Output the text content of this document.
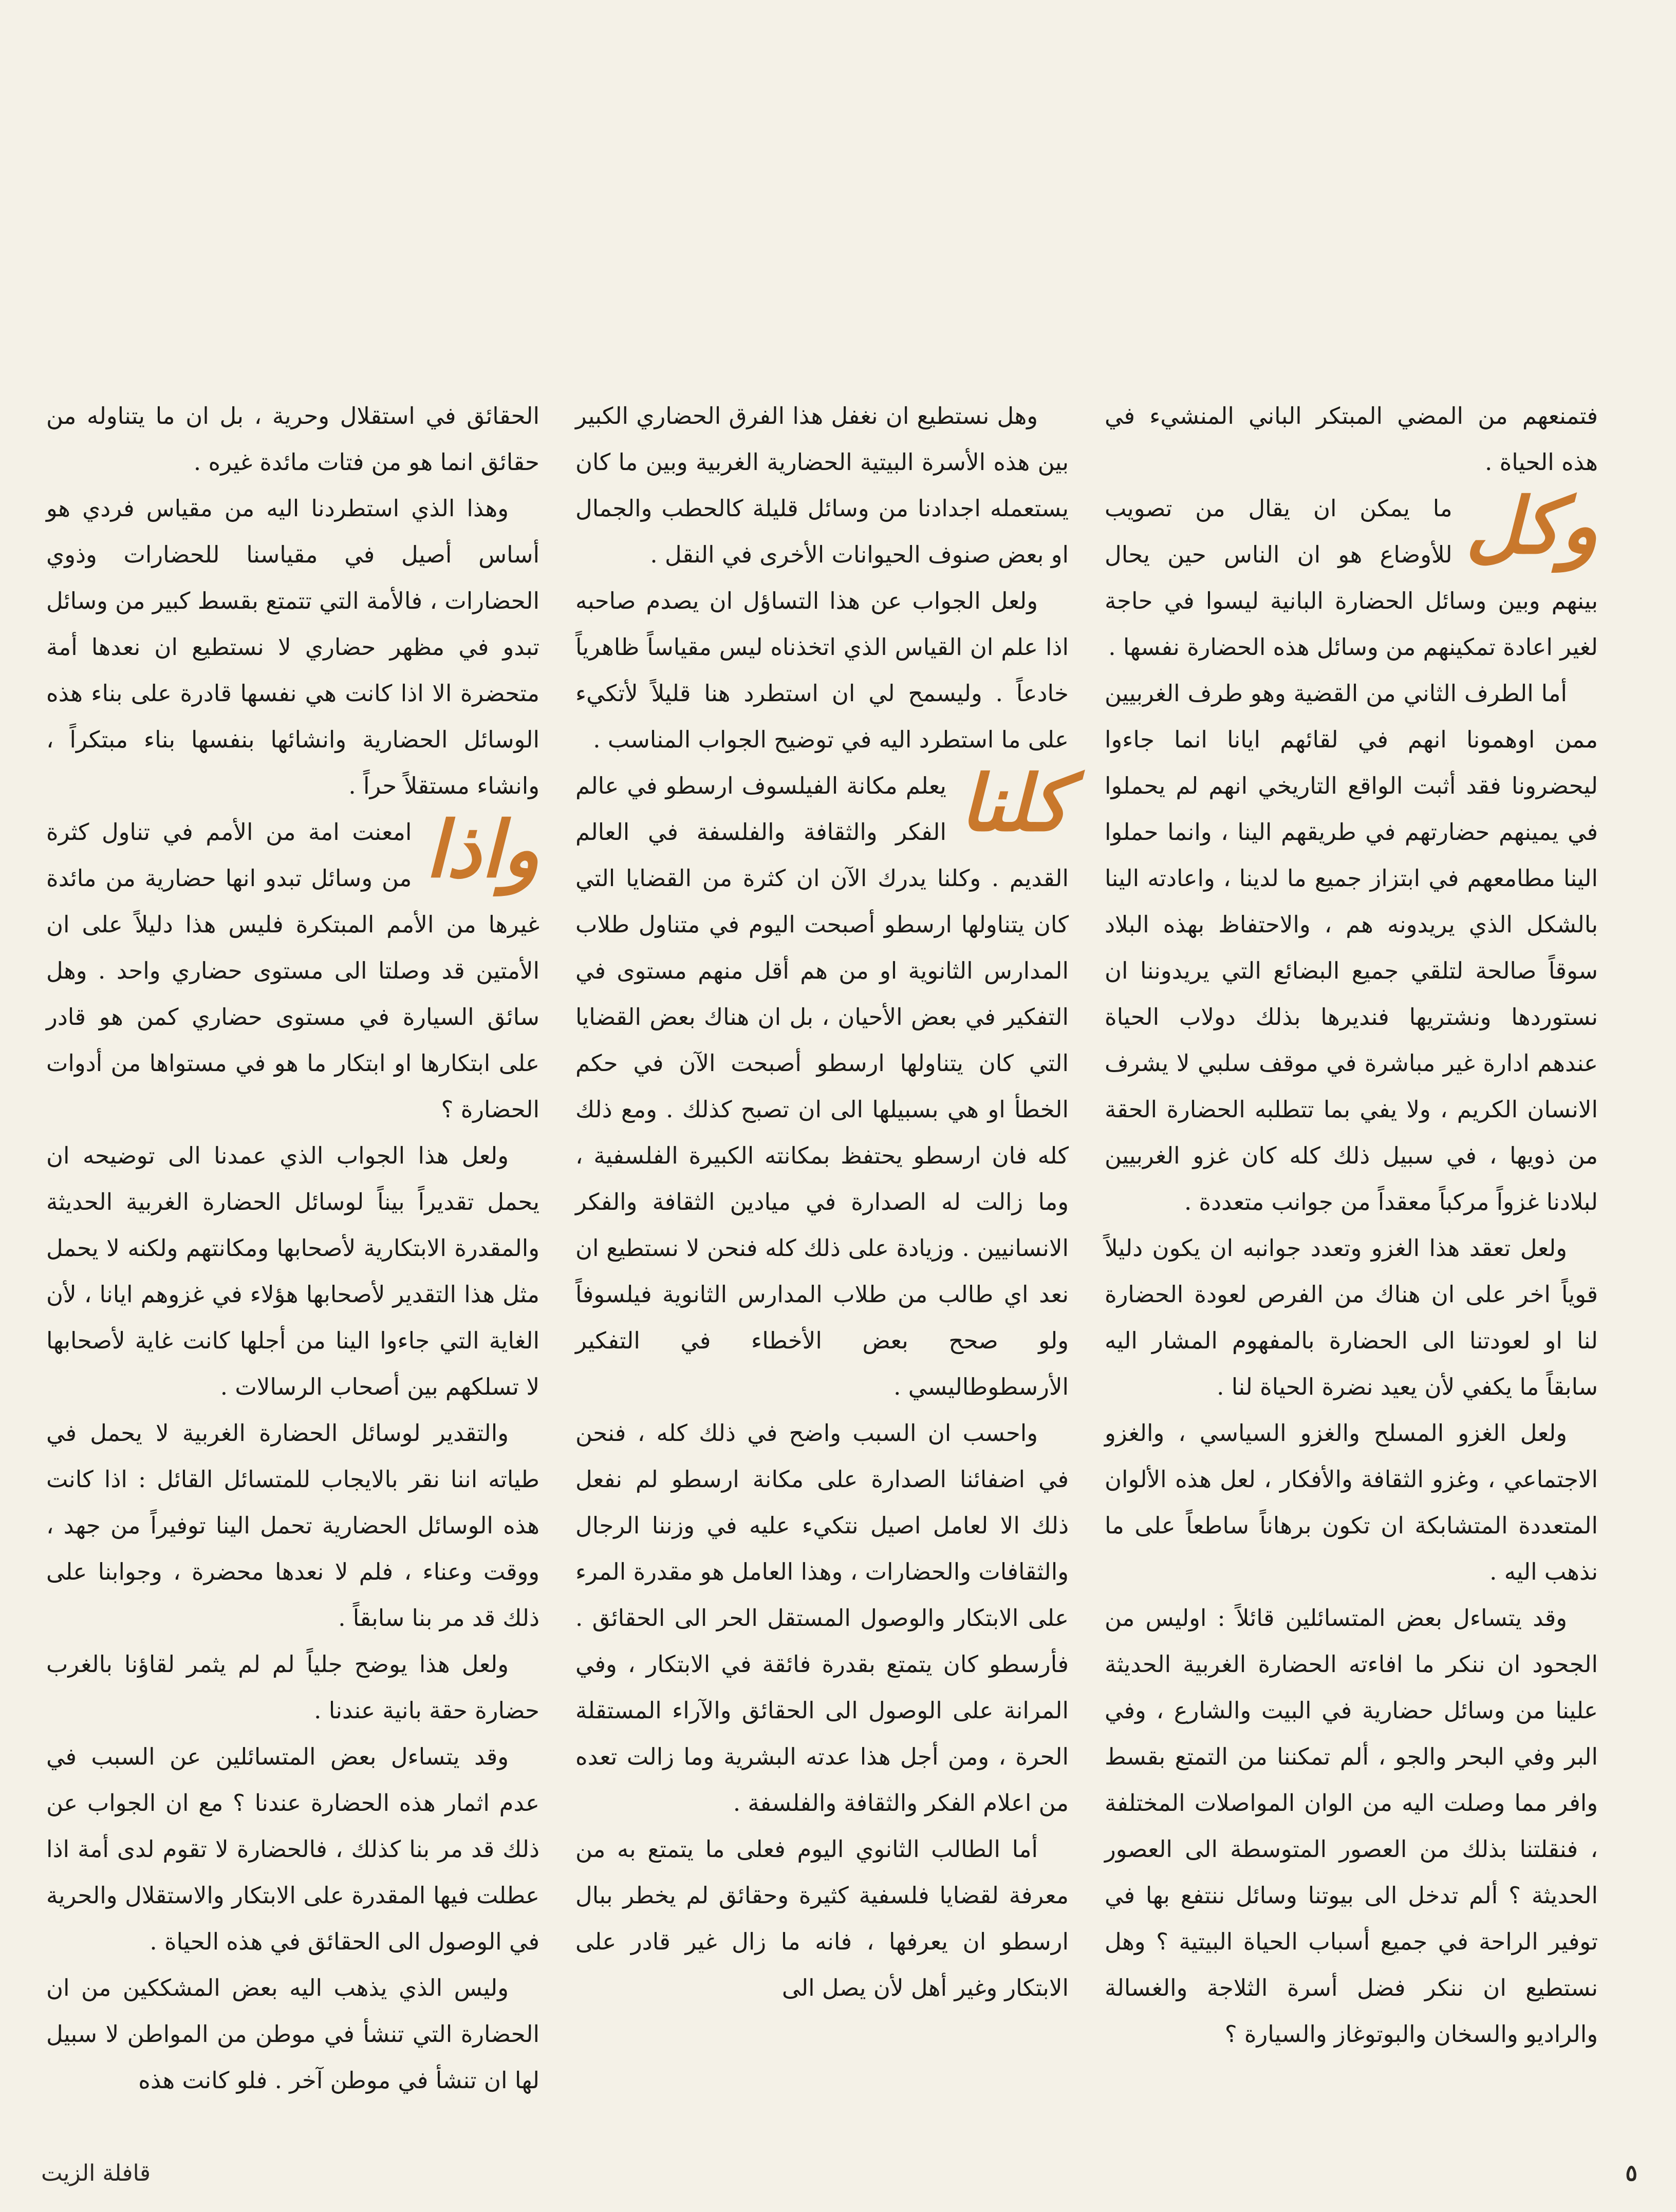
فتمنعهم من المضي المبتكر الباني المنشيء في هذه الحياة .

وكل
ما يمكن ان يقال من تصويب للأوضاع هو ان الناس حين يحال بينهم وبين وسائل الحضارة البانية ليسوا في حاجة لغير اعادة تمكينهم من وسائل هذه الحضارة نفسها .

أما الطرف الثاني من القضية وهو طرف الغربيين ممن اوهمونا انهم في لقائهم ايانا انما جاءوا ليحضرونا فقد أثبت الواقع التاريخي انهم لم يحملوا في يمينهم حضارتهم في طريقهم الينا ، وانما حملوا الينا مطامعهم في ابتزاز جميع ما لدينا ، واعادته الينا بالشكل الذي يريدونه هم ، والاحتفاظ بهذه البلاد سوقاً صالحة لتلقي جميع البضائع التي يريدوننا ان نستوردها ونشتريها فنديرها بذلك دولاب الحياة عندهم ادارة غير مباشرة في موقف سلبي لا يشرف الانسان الكريم ، ولا يفي بما تتطلبه الحضارة الحقة من ذويها ، في سبيل ذلك كله كان غزو الغربيين لبلادنا غزواً مركباً معقداً من جوانب متعددة .

ولعل تعقد هذا الغزو وتعدد جوانبه ان يكون دليلاً قوياً اخر على ان هناك من الفرص لعودة الحضارة لنا او لعودتنا الى الحضارة بالمفهوم المشار اليه سابقاً ما يكفي لأن يعيد نضرة الحياة لنا .

ولعل الغزو المسلح والغزو السياسي ، والغزو الاجتماعي ، وغزو الثقافة والأفكار ، لعل هذه الألوان المتعددة المتشابكة ان تكون برهاناً ساطعاً على ما نذهب اليه .

وقد يتساءل بعض المتسائلين قائلاً : اوليس من الجحود ان ننكر ما افاءته الحضارة الغربية الحديثة علينا من وسائل حضارية في البيت والشارع ، وفي البر وفي البحر والجو ، ألم تمكننا من التمتع بقسط وافر مما وصلت اليه من الوان المواصلات المختلفة ، فنقلتنا بذلك من العصور المتوسطة الى العصور الحديثة ؟ ألم تدخل الى بيوتنا وسائل ننتفع بها في توفير الراحة في جميع أسباب الحياة البيتية ؟ وهل نستطيع ان ننكر فضل أسرة الثلاجة والغسالة والراديو والسخان والبوتوغاز والسيارة ؟

وهل نستطيع ان نغفل هذا الفرق الحضاري الكبير بين هذه الأسرة البيتية الحضارية الغربية وبين ما كان يستعمله اجدادنا من وسائل قليلة كالحطب والجمال او بعض صنوف الحيوانات الأخرى في النقل .

ولعل الجواب عن هذا التساؤل ان يصدم صاحبه اذا علم ان القياس الذي اتخذناه ليس مقياساً ظاهرياً خادعاً . وليسمح لي ان استطرد هنا قليلاً لأتكيء على ما استطرد اليه في توضيح الجواب المناسب .

كلنا
يعلم مكانة الفيلسوف ارسطو في عالم الفكر والثقافة والفلسفة في العالم القديم . وكلنا يدرك الآن ان كثرة من القضايا التي كان يتناولها ارسطو أصبحت اليوم في متناول طلاب المدارس الثانوية او من هم أقل منهم مستوى في التفكير في بعض الأحيان ، بل ان هناك بعض القضايا التي كان يتناولها ارسطو أصبحت الآن في حكم الخطأ او هي بسبيلها الى ان تصبح كذلك . ومع ذلك كله فان ارسطو يحتفظ بمكانته الكبيرة الفلسفية ، وما زالت له الصدارة في ميادين الثقافة والفكر الانسانيين . وزيادة على ذلك كله فنحن لا نستطيع ان نعد اي طالب من طلاب المدارس الثانوية فيلسوفاً ولو صحح بعض الأخطاء في التفكير الأرسطوطاليسي .

واحسب ان السبب واضح في ذلك كله ، فنحن في اضفائنا الصدارة على مكانة ارسطو لم نفعل ذلك الا لعامل اصيل نتكيء عليه في وزننا الرجال والثقافات والحضارات ، وهذا العامل هو مقدرة المرء على الابتكار والوصول المستقل الحر الى الحقائق . فأرسطو كان يتمتع بقدرة فائقة في الابتكار ، وفي المرانة على الوصول الى الحقائق والآراء المستقلة الحرة ، ومن أجل هذا عدته البشرية وما زالت تعده من اعلام الفكر والثقافة والفلسفة .

أما الطالب الثانوي اليوم فعلى ما يتمتع به من معرفة لقضايا فلسفية كثيرة وحقائق لم يخطر ببال ارسطو ان يعرفها ، فانه ما زال غير قادر على الابتكار وغير أهل لأن يصل الى

الحقائق في استقلال وحرية ، بل ان ما يتناوله من حقائق انما هو من فتات مائدة غيره .

وهذا الذي استطردنا اليه من مقياس فردي هو أساس أصيل في مقياسنا للحضارات وذوي الحضارات ، فالأمة التي تتمتع بقسط كبير من وسائل تبدو في مظهر حضاري لا نستطيع ان نعدها أمة متحضرة الا اذا كانت هي نفسها قادرة على بناء هذه الوسائل الحضارية وانشائها بنفسها بناء مبتكراً ، وانشاء مستقلاً حراً .

واذا
امعنت امة من الأمم في تناول كثرة من وسائل تبدو انها حضارية من مائدة غيرها من الأمم المبتكرة فليس هذا دليلاً على ان الأمتين قد وصلتا الى مستوى حضاري واحد . وهل سائق السيارة في مستوى حضاري كمن هو قادر على ابتكارها او ابتكار ما هو في مستواها من أدوات الحضارة ؟

ولعل هذا الجواب الذي عمدنا الى توضيحه ان يحمل تقديراً بيناً لوسائل الحضارة الغربية الحديثة والمقدرة الابتكارية لأصحابها ومكانتهم ولكنه لا يحمل مثل هذا التقدير لأصحابها هؤلاء في غزوهم ايانا ، لأن الغاية التي جاءوا الينا من أجلها كانت غاية لأصحابها لا تسلكهم بين أصحاب الرسالات .

والتقدير لوسائل الحضارة الغربية لا يحمل في طياته اننا نقر بالايجاب للمتسائل القائل : اذا كانت هذه الوسائل الحضارية تحمل الينا توفيراً من جهد ، ووقت وعناء ، فلم لا نعدها محضرة ، وجوابنا على ذلك قد مر بنا سابقاً .

ولعل هذا يوضح جلياً لم لم يثمر لقاؤنا بالغرب حضارة حقة بانية عندنا .

وقد يتساءل بعض المتسائلين عن السبب في عدم اثمار هذه الحضارة عندنا ؟ مع ان الجواب عن ذلك قد مر بنا كذلك ، فالحضارة لا تقوم لدى أمة اذا عطلت فيها المقدرة على الابتكار والاستقلال والحرية في الوصول الى الحقائق في هذه الحياة .

وليس الذي يذهب اليه بعض المشككين من ان الحضارة التي تنشأ في موطن من المواطن لا سبيل لها ان تنشأ في موطن آخر . فلو كانت هذه

٥
قافلة الزيت
